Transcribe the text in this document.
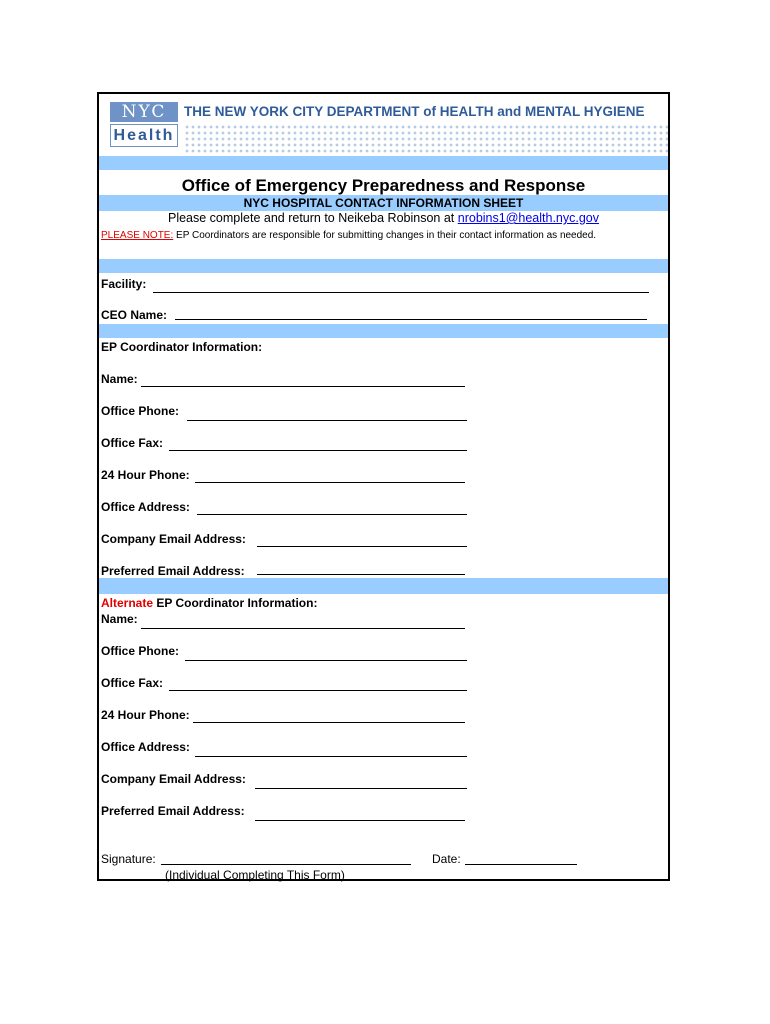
NYC
Health
THE NEW YORK CITY DEPARTMENT of HEALTH and MENTAL HYGIENE
Office of Emergency Preparedness and Response
NYC HOSPITAL CONTACT INFORMATION SHEET
Please complete and return to Neikeba Robinson at nrobins1@health.nyc.gov
PLEASE NOTE: EP Coordinators are responsible for submitting changes in their contact information as needed.
Facility:
CEO Name:
EP Coordinator Information:
Name:
Office Phone:
Office Fax:
24 Hour Phone:
Office Address:
Company Email Address:
Preferred Email Address:
Alternate EP Coordinator Information:
Name:
Office Phone:
Office Fax:
24 Hour Phone:
Office Address:
Company Email Address:
Preferred Email Address:
Signature:
(Individual Completing This Form)
Date:
